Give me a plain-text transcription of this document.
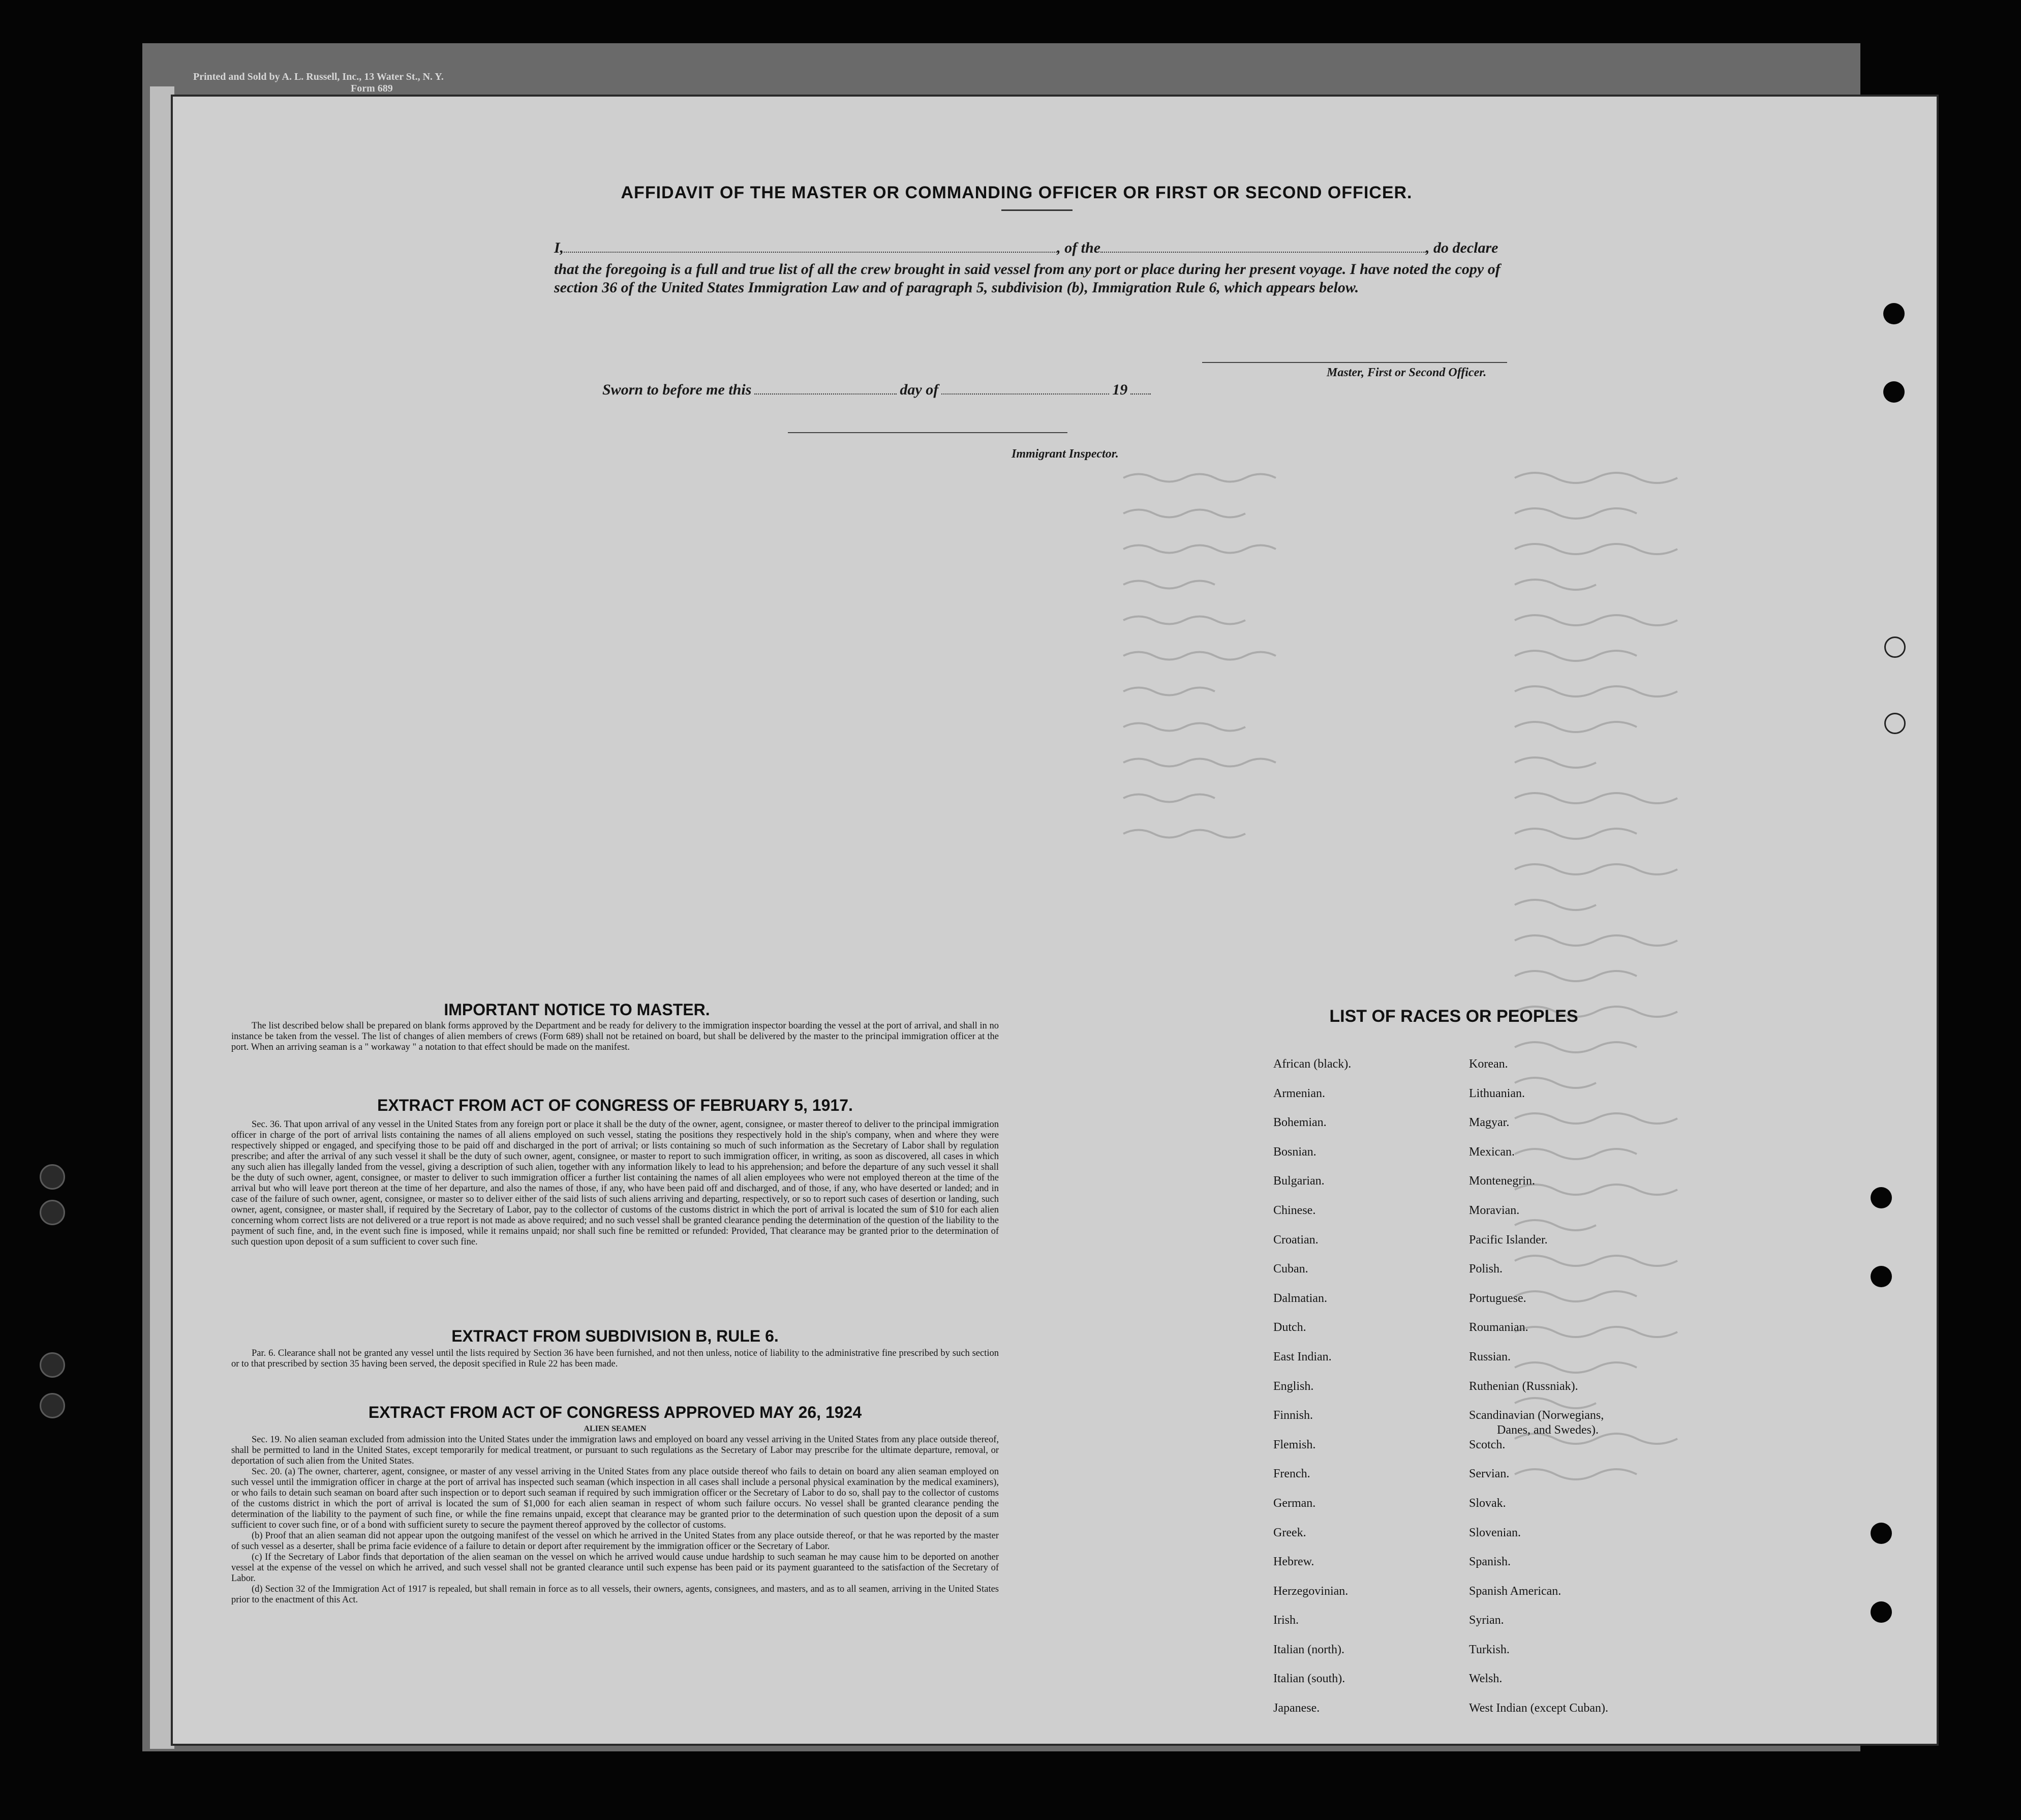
Printed and Sold by A. L. Russell, Inc., 13 Water St., N. Y.
Form 689

AFFIDAVIT OF THE MASTER OR COMMANDING OFFICER OR FIRST OR SECOND OFFICER.
I,	, of the	, do declare
that the foregoing is a full and true list of all the crew brought in said vessel from any port or place during her present voyage. I have noted the copy of section 36 of the United States Immigration Law and of paragraph 5, subdivision (b), Immigration Rule 6, which appears below.
Master, First or Second Officer.
Sworn to before me this	day of	19
Immigrant Inspector.
IMPORTANT NOTICE TO MASTER.

The list described below shall be prepared on blank forms approved by the Department and be ready for delivery to the immigration inspector boarding the vessel at the port of arrival, and shall in no instance be taken from the vessel. The list of changes of alien members of crews (Form 689) shall not be retained on board, but shall be delivered by the master to the principal immigration officer at the port. When an arriving seaman is a " workaway " a notation to that effect should be made on the manifest.

EXTRACT FROM ACT OF CONGRESS OF FEBRUARY 5, 1917.

Sec. 36. That upon arrival of any vessel in the United States from any foreign port or place it shall be the duty of the owner, agent, consignee, or master thereof to deliver to the principal immigration officer in charge of the port of arrival lists containing the names of all aliens employed on such vessel, stating the positions they respectively hold in the ship's company, when and where they were respectively shipped or engaged, and specifying those to be paid off and discharged in the port of arrival; or lists containing so much of such information as the Secretary of Labor shall by regulation prescribe; and after the arrival of any such vessel it shall be the duty of such owner, agent, consignee, or master to report to such immigration officer, in writing, as soon as discovered, all cases in which any such alien has illegally landed from the vessel, giving a description of such alien, together with any information likely to lead to his apprehension; and before the departure of any such vessel it shall be the duty of such owner, agent, consignee, or master to deliver to such immigration officer a further list containing the names of all alien employees who were not employed thereon at the time of the arrival but who will leave port thereon at the time of her departure, and also the names of those, if any, who have been paid off and discharged, and of those, if any, who have deserted or landed; and in case of the failure of such owner, agent, consignee, or master so to deliver either of the said lists of such aliens arriving and departing, respectively, or so to report such cases of desertion or landing, such owner, agent, consignee, or master shall, if required by the Secretary of Labor, pay to the collector of customs of the customs district in which the port of arrival is located the sum of $10 for each alien concerning whom correct lists are not delivered or a true report is not made as above required; and no such vessel shall be granted clearance pending the determination of the question of the liability to the payment of such fine, and, in the event such fine is imposed, while it remains unpaid; nor shall such fine be remitted or refunded: Provided, That clearance may be granted prior to the determination of such question upon deposit of a sum sufficient to cover such fine.

EXTRACT FROM SUBDIVISION B, RULE 6.

Par. 6. Clearance shall not be granted any vessel until the lists required by Section 36 have been furnished, and not then unless, notice of liability to the administrative fine prescribed by such section or to that prescribed by section 35 having been served, the deposit specified in Rule 22 has been made.

EXTRACT FROM ACT OF CONGRESS APPROVED MAY 26, 1924
ALIEN SEAMEN

Sec. 19. No alien seaman excluded from admission into the United States under the immigration laws and employed on board any vessel arriving in the United States from any place outside thereof, shall be permitted to land in the United States, except temporarily for medical treatment, or pursuant to such regulations as the Secretary of Labor may prescribe for the ultimate departure, removal, or deportation of such alien from the United States.

Sec. 20. (a) The owner, charterer, agent, consignee, or master of any vessel arriving in the United States from any place outside thereof who fails to detain on board any alien seaman employed on such vessel until the immigration officer in charge at the port of arrival has inspected such seaman (which inspection in all cases shall include a personal physical examination by the medical examiners), or who fails to detain such seaman on board after such inspection or to deport such seaman if required by such immigration officer or the Secretary of Labor to do so, shall pay to the collector of customs of the customs district in which the port of arrival is located the sum of $1,000 for each alien seaman in respect of whom such failure occurs. No vessel shall be granted clearance pending the determination of the liability to the payment of such fine, or while the fine remains unpaid, except that clearance may be granted prior to the determination of such question upon the deposit of a sum sufficient to cover such fine, or of a bond with sufficient surety to secure the payment thereof approved by the collector of customs.

(b) Proof that an alien seaman did not appear upon the outgoing manifest of the vessel on which he arrived in the United States from any place outside thereof, or that he was reported by the master of such vessel as a deserter, shall be prima facie evidence of a failure to detain or deport after requirement by the immigration officer or the Secretary of Labor.

(c) If the Secretary of Labor finds that deportation of the alien seaman on the vessel on which he arrived would cause undue hardship to such seaman he may cause him to be deported on another vessel at the expense of the vessel on which he arrived, and such vessel shall not be granted clearance until such expense has been paid or its payment guaranteed to the satisfaction of the Secretary of Labor.

(d) Section 32 of the Immigration Act of 1917 is repealed, but shall remain in force as to all vessels, their owners, agents, consignees, and masters, and as to all seamen, arriving in the United States prior to the enactment of this Act.

LIST OF RACES OR PEOPLES
African (black).
Armenian.
Bohemian.
Bosnian.
Bulgarian.
Chinese.
Croatian.
Cuban.
Dalmatian.
Dutch.
East Indian.
English.
Finnish.
Flemish.
French.
German.
Greek.
Hebrew.
Herzegovinian.
Irish.
Italian (north).
Italian (south).
Japanese.
Korean.
Lithuanian.
Magyar.
Mexican.
Montenegrin.
Moravian.
Pacific Islander.
Polish.
Portuguese.
Roumanian.
Russian.
Ruthenian (Russniak).
Scandinavian (Norwegians,
Scotch.
Servian.
Slovak.
Slovenian.
Spanish.
Spanish American.
Syrian.
Turkish.
Welsh.
West Indian (except Cuban).
Danes, and Swedes).
